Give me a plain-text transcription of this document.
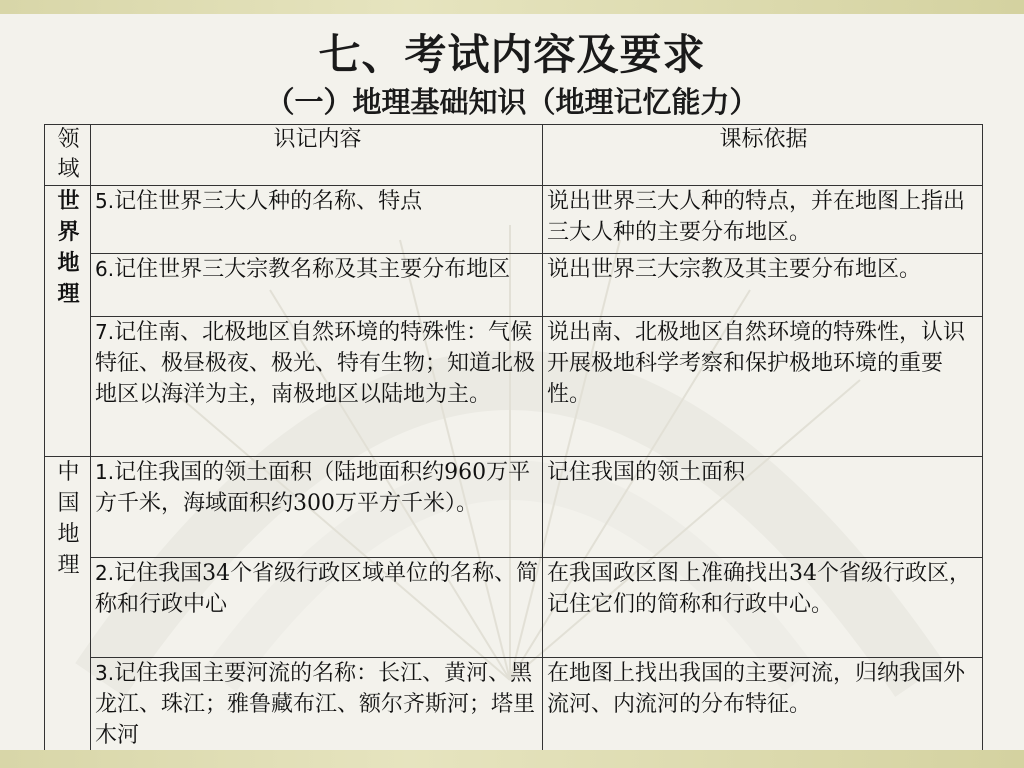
七、考试内容及要求
（一）地理基础知识（地理记忆能力）
领域	识记内容	课标依据
世
界
地
理	5.记住世界三大人种的名称、特点	说出世界三大人种的特点，并在地图上指出三大人种的主要分布地区。
	6.记住世界三大宗教名称及其主要分布地区	说出世界三大宗教及其主要分布地区。
	7.记住南、北极地区自然环境的特殊性：气候特征、极昼极夜、极光、特有生物；知道北极地区以海洋为主，南极地区以陆地为主。	说出南、北极地区自然环境的特殊性，认识开展极地科学考察和保护极地环境的重要性。
中
国
地
理	1.记住我国的领土面积（陆地面积约960万平方千米，海域面积约300万平方千米）。	记住我国的领土面积
	2.记住我国34个省级行政区域单位的名称、简称和行政中心	在我国政区图上准确找出34个省级行政区，记住它们的简称和行政中心。
	3.记住我国主要河流的名称：长江、黄河、黑龙江、珠江；雅鲁藏布江、额尔齐斯河；塔里木河	在地图上找出我国的主要河流，归纳我国外流河、内流河的分布特征。
